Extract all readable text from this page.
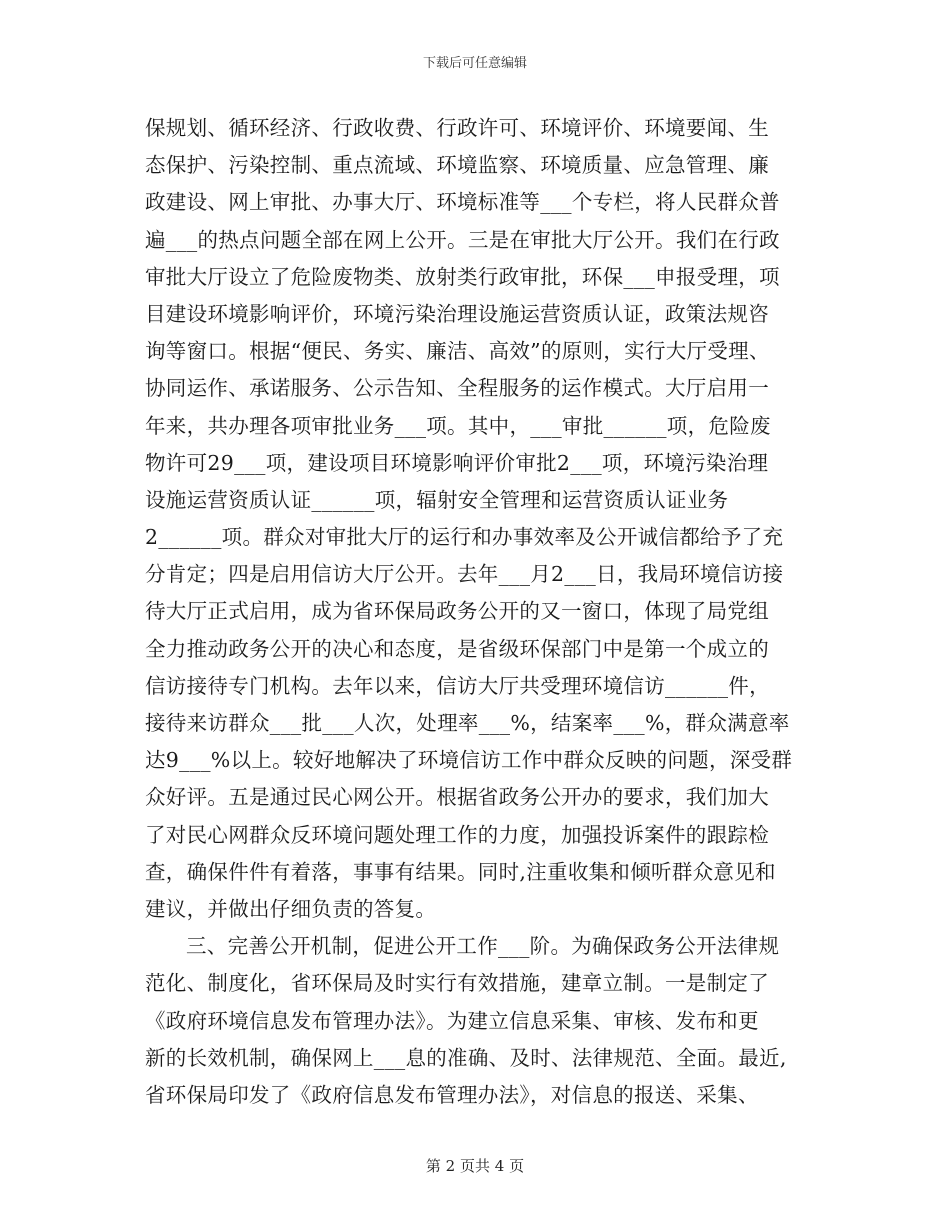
下载后可任意编辑
保规划、循环经济、行政收费、行政许可、环境评价、环境要闻、生
态保护、污染控制、重点流域、环境监察、环境质量、应急管理、廉
政建设、网上审批、办事大厅、环境标准等___个专栏，将人民群众普
遍___的热点问题全部在网上公开。三是在审批大厅公开。我们在行政
审批大厅设立了危险废物类、放射类行政审批，环保___申报受理，项
目建设环境影响评价，环境污染治理设施运营资质认证，政策法规咨
询等窗口。根据“便民、务实、廉洁、高效”的原则，实行大厅受理、
协同运作、承诺服务、公示告知、全程服务的运作模式。大厅启用一
年来，共办理各项审批业务___项。其中，___审批______项，危险废
物许可29___项，建设项目环境影响评价审批2___项，环境污染治理
设施运营资质认证______项，辐射安全管理和运营资质认证业务
2______项。群众对审批大厅的运行和办事效率及公开诚信都给予了充
分肯定；四是启用信访大厅公开。去年___月2___日，我局环境信访接
待大厅正式启用，成为省环保局政务公开的又一窗口，体现了局党组
全力推动政务公开的决心和态度，是省级环保部门中是第一个成立的
信访接待专门机构。去年以来，信访大厅共受理环境信访______件，
接待来访群众___批___人次，处理率___%，结案率___%，群众满意率
达9___%以上。较好地解决了环境信访工作中群众反映的问题，深受群
众好评。五是通过民心网公开。根据省政务公开办的要求，我们加大
了对民心网群众反环境问题处理工作的力度，加强投诉案件的跟踪检
查，确保件件有着落，事事有结果。同时,注重收集和倾听群众意见和
建议，并做出仔细负责的答复。
三、完善公开机制，促进公开工作___阶。为确保政务公开法律规
范化、制度化，省环保局及时实行有效措施，建章立制。一是制定了
《政府环境信息发布管理办法》。为建立信息采集、审核、发布和更
新的长效机制，确保网上___息的准确、及时、法律规范、全面。最近,
省环保局印发了《政府信息发布管理办法》，对信息的报送、采集、
第 2 页共 4 页
